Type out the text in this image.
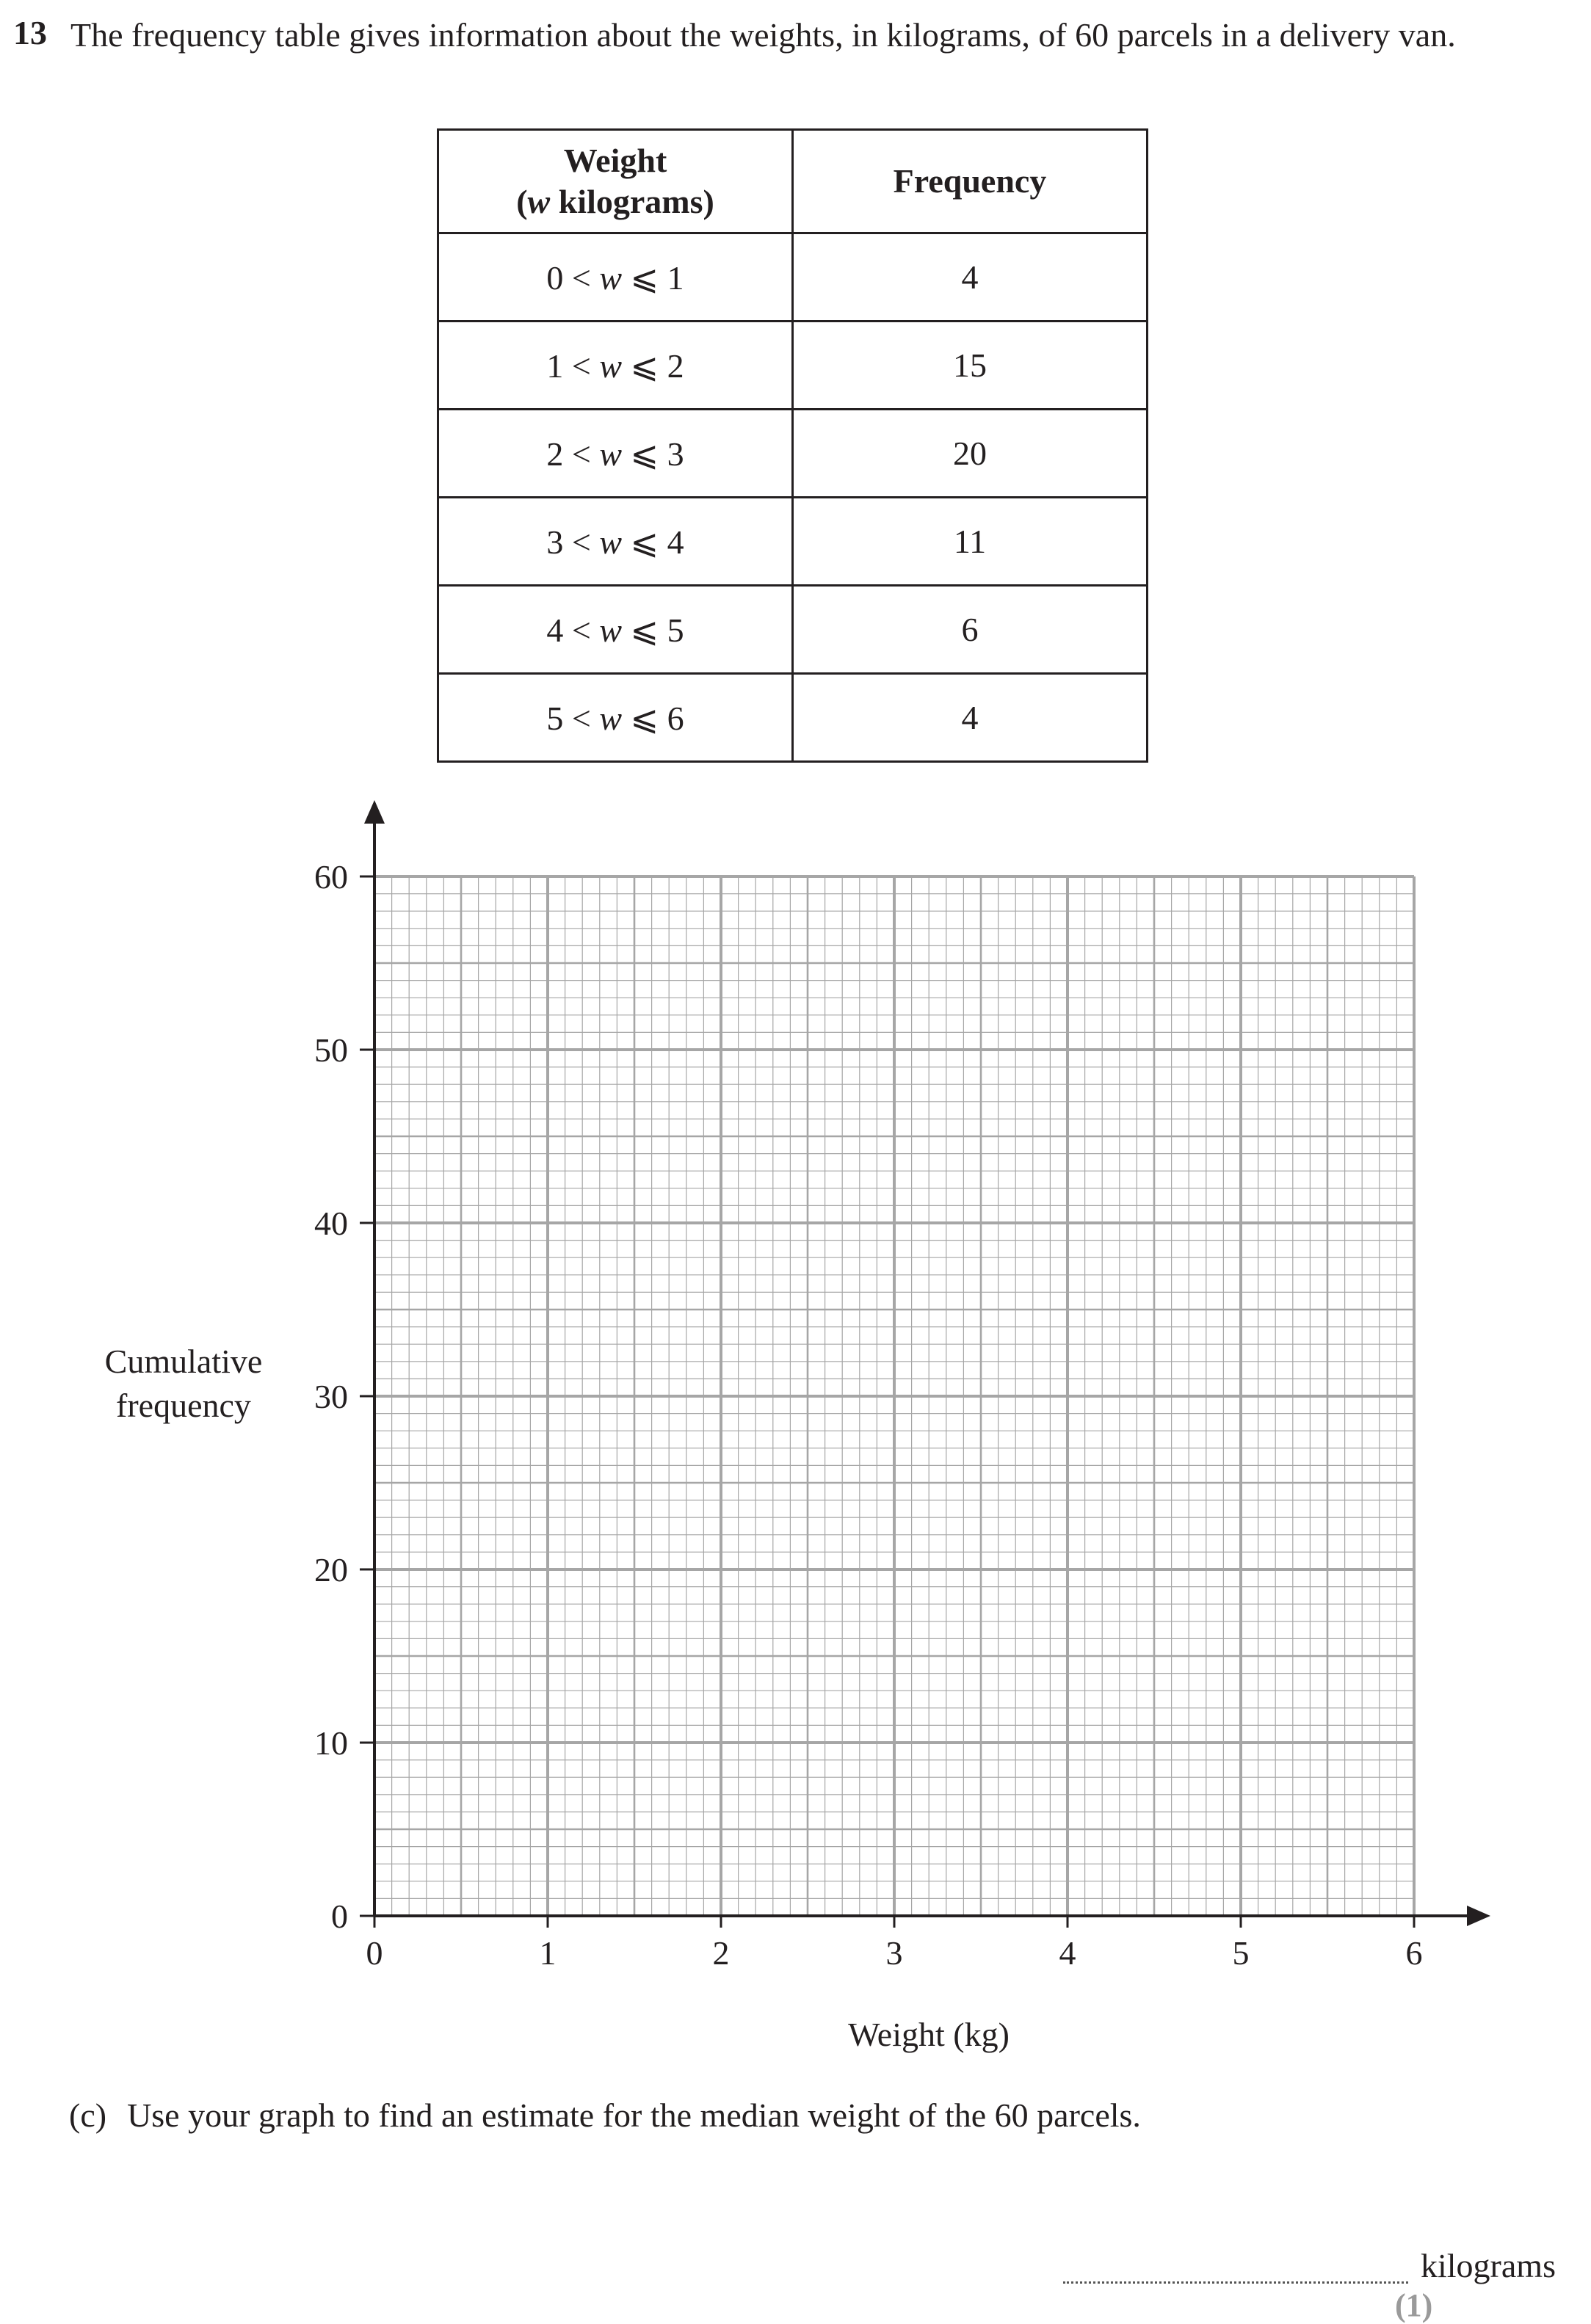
13 The frequency table gives information about the weights, in kilograms, of 60 parcels in a delivery van.
Weight
(w kilograms)	Frequency
0 < w ⩽ 1	4
1 < w ⩽ 2	15
2 < w ⩽ 3	20
3 < w ⩽ 4	11
4 < w ⩽ 5	6
5 < w ⩽ 6	4
0	1	2	3	4	5	6
0
10
20
30
40
50
60
Cumulative
frequency
Weight (kg)
(c) Use your graph to find an estimate for the median weight of the 60 parcels.
kilograms
(1)
